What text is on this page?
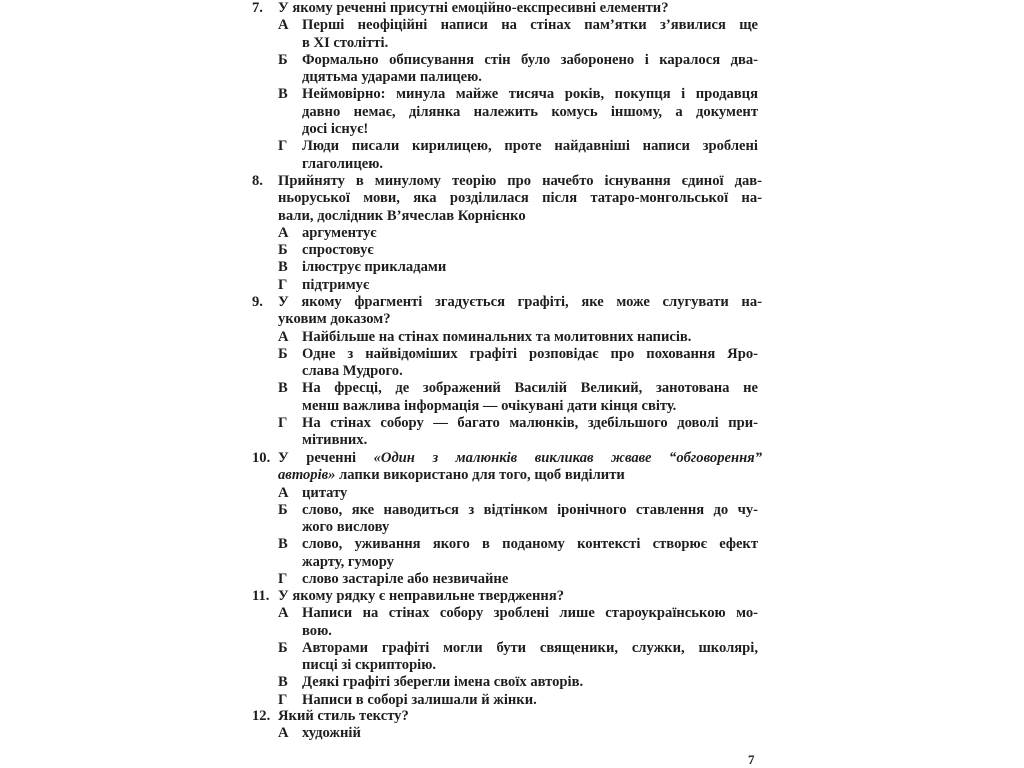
7.	У якому реченні присутні емоційно-експресивні елементи?
А Перші неофіційні написи на стінах пам’ятки з’явилися ще
в ХІ столітті.
Б Формально обписування стін було заборонено і каралося два-
дцятьма ударами палицею.
В Неймовірно: минула майже тисяча років, покупця і продавця
давно немає, ділянка належить комусь іншому, а документ
досі існує!
Г	Люди писали кирилицею, проте найдавніші написи зроблені
глаголицею.
8.	Прийняту в минулому теорію про начебто існування єдиної дав-
ньоруської мови, яка розділилася після татаро-монгольської на-
вали, дослідник В’ячеслав Корнієнко
А аргументує
Б спростовує
В ілюструє прикладами
Г	підтримує
9.	У якому фрагменті згадується графіті, яке може слугувати на-
уковим доказом?
А Найбільше на стінах поминальних та молитовних написів.
Б Одне з найвідоміших графіті розповідає про поховання Яро-
слава Мудрого.
В На фресці, де зображений Василій Великий, занотована не
менш важлива інформація — очікувані дати кінця світу.
Г	На стінах собору — багато малюнків, здебільшого доволі при-
мітивних.
10. У реченні «Один з малюнків викликав жваве “обговорення”
авторів» лапки використано для того, щоб виділити
А цитату
Б слово, яке наводиться з відтінком іронічного ставлення до чу-
жого вислову
В слово, уживання якого в поданому контексті створює ефект
жарту, гумору
Г	слово застаріле або незвичайне
11. У якому рядку є неправильне твердження?
А Написи на стінах собору зроблені лише староукраїнською мо-
вою.
Б Авторами графіті могли бути священики, служки, школярі,
писці зі скрипторію.
В Деякі графіті зберегли імена своїх авторів.
Г	Написи в соборі залишали й жінки.
12. Який стиль тексту?
А художній
7
